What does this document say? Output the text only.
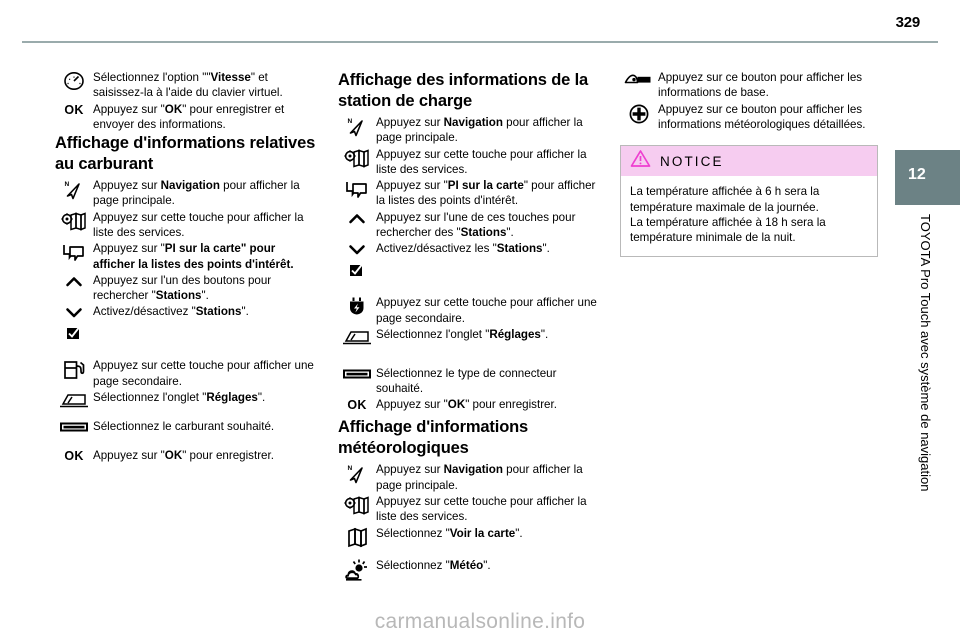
329
Sélectionnez l'option ""Vitesse" et saisissez-la à l'aide du clavier virtuel.
OK Appuyez sur "OK" pour enregistrer et envoyer des informations.
Affichage d'informations relatives au carburant
N Appuyez sur Navigation pour afficher la page principale.
Appuyez sur cette touche pour afficher la liste des services.
Appuyez sur "PI sur la carte" pour afficher la listes des points d'intérêt.
Appuyez sur l'un des boutons pour rechercher "Stations".
Activez/désactivez "Stations".
Appuyez sur cette touche pour afficher une page secondaire.
Sélectionnez l'onglet "Réglages".
Sélectionnez le carburant souhaité.
OK Appuyez sur "OK" pour enregistrer.
Affichage des informations de la station de charge
N Appuyez sur Navigation pour afficher la page principale.
Appuyez sur cette touche pour afficher la liste des services.
Appuyez sur "PI sur la carte" pour afficher la listes des points d'intérêt.
Appuyez sur l'une de ces touches pour rechercher des "Stations".
Activez/désactivez les "Stations".
Appuyez sur cette touche pour afficher une page secondaire.
Sélectionnez l'onglet "Réglages".
Sélectionnez le type de connecteur souhaité.
OK Appuyez sur "OK" pour enregistrer.
Affichage d'informations météorologiques
N Appuyez sur Navigation pour afficher la page principale.
Appuyez sur cette touche pour afficher la liste des services.
Sélectionnez "Voir la carte".
Sélectionnez "Météo".
Appuyez sur ce bouton pour afficher les informations de base.
Appuyez sur ce bouton pour afficher les informations météorologiques détaillées.
NOTICE
La température affichée à 6 h sera la température maximale de la journée.
La température affichée à 18 h sera la température minimale de la nuit.
12
TOYOTA Pro Touch avec système de navigation
carmanualsonline.info
